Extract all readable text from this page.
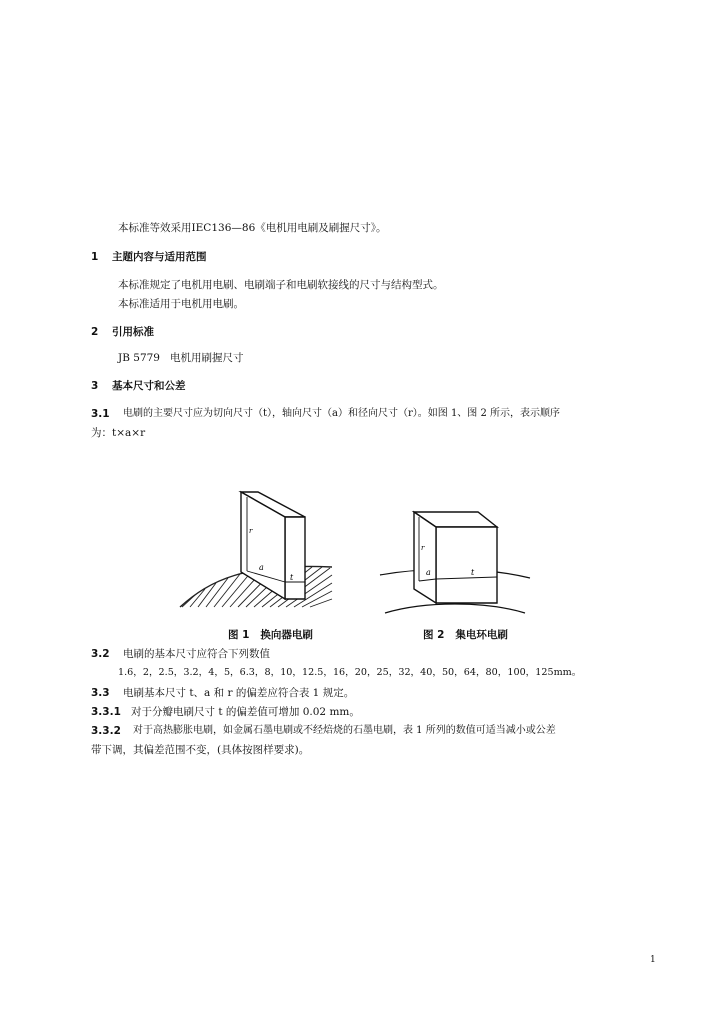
本标准等效采用IEC136—86《电机用电刷及刷握尺寸》。
1 主题内容与适用范围
本标准规定了电机用电刷、电刷端子和电刷软接线的尺寸与结构型式。
本标准适用于电机用电刷。
2 引用标准
JB 5779   电机用刷握尺寸
3 基本尺寸和公差
3.1 电刷的主要尺寸应为切向尺寸（t），轴向尺寸（a）和径向尺寸（r）。如图 1、图 2 所示，表示顺序
为：t×a×r
r
a
t
r
a	t
图 1   换向器电刷	图 2   集电环电刷
3.2 电刷的基本尺寸应符合下列数值
1.6，2，2.5，3.2，4，5，6.3，8，10，12.5，16，20，25，32，40，50，64，80，100，125mm。
3.3 电刷基本尺寸 t、a 和 r 的偏差应符合表 1 规定。
3.3.1 对于分瓣电刷尺寸 t 的偏差值可增加 0.02 mm。
3.3.2 对于高热膨胀电刷，如金属石墨电刷或不经焙烧的石墨电刷，表 1 所列的数值可适当减小或公差
带下调，其偏差范围不变，(具体按图样要求)。
1
